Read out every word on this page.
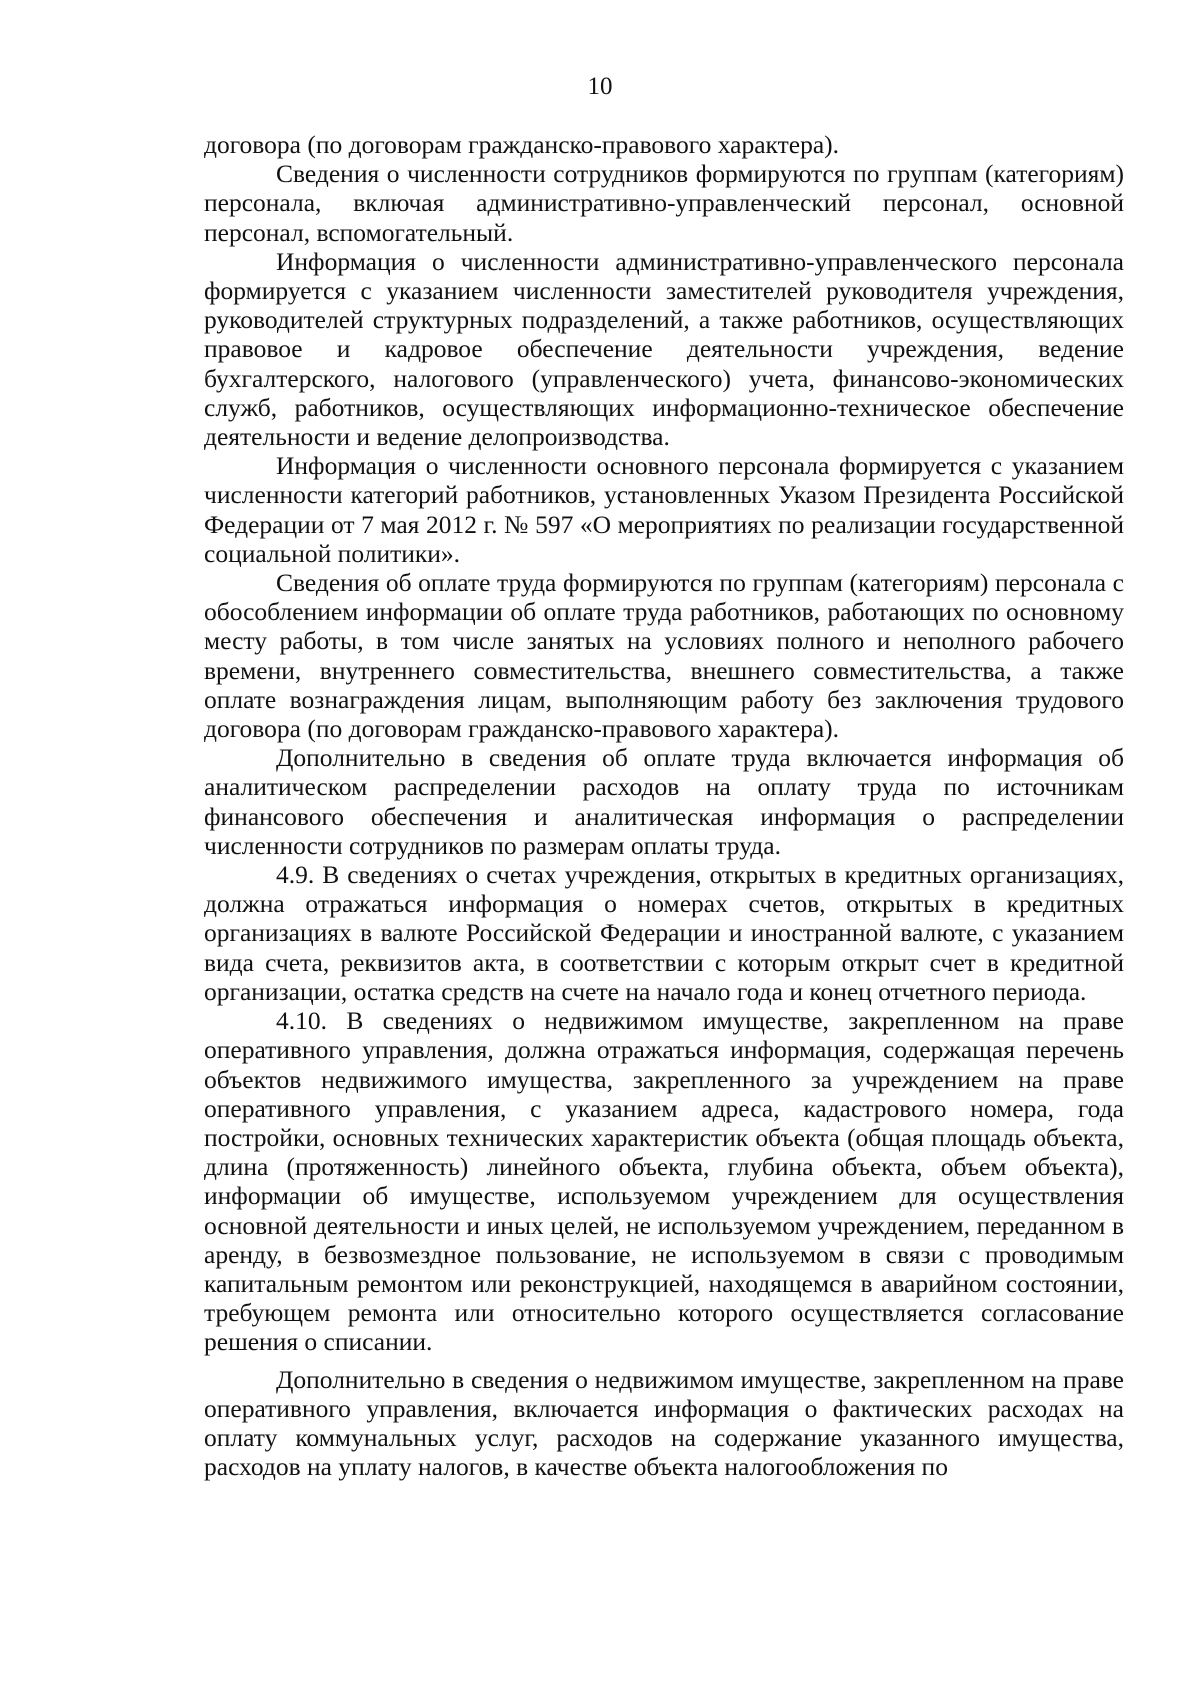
10

договора (по договорам гражданско-правового характера).

Сведения о численности сотрудников формируются по группам (категориям) персонала, включая административно-управленческий персонал, основной персонал, вспомогательный.

Информация о численности административно-управленческого персонала формируется с указанием численности заместителей руководителя учреждения, руководителей структурных подразделений, а также работников, осуществляющих правовое и кадровое обеспечение деятельности учреждения, ведение бухгалтерского, налогового (управленческого) учета, финансово-экономических служб, работников, осуществляющих информационно-техническое обеспечение деятельности и ведение делопроизводства.

Информация о численности основного персонала формируется с указанием численности категорий работников, установленных Указом Президента Российской Федерации от 7 мая 2012 г. № 597 «О мероприятиях по реализации государственной социальной политики».

Сведения об оплате труда формируются по группам (категориям) персонала с обособлением информации об оплате труда работников, работающих по основному месту работы, в том числе занятых на условиях полного и неполного рабочего времени, внутреннего совместительства, внешнего совместительства, а также оплате вознаграждения лицам, выполняющим работу без заключения трудового договора (по договорам гражданско-правового характера).

Дополнительно в сведения об оплате труда включается информация об аналитическом распределении расходов на оплату труда по источникам финансового обеспечения и аналитическая информация о распределении численности сотрудников по размерам оплаты труда.

4.9. В сведениях о счетах учреждения, открытых в кредитных организациях, должна отражаться информация о номерах счетов, открытых в кредитных организациях в валюте Российской Федерации и иностранной валюте, с указанием вида счета, реквизитов акта, в соответствии с которым открыт счет в кредитной организации, остатка средств на счете на начало года и конец отчетного периода.

4.10. В сведениях о недвижимом имуществе, закрепленном на праве оперативного управления, должна отражаться информация, содержащая перечень объектов недвижимого имущества, закрепленного за учреждением на праве оперативного управления, с указанием адреса, кадастрового номера, года постройки, основных технических характеристик объекта (общая площадь объекта, длина (протяженность) линейного объекта, глубина объекта, объем объекта), информации об имуществе, используемом учреждением для осуществления основной деятельности и иных целей, не используемом учреждением, переданном в аренду, в безвозмездное пользование, не используемом в связи с проводимым капитальным ремонтом или реконструкцией, находящемся в аварийном состоянии, требующем ремонта или относительно которого осуществляется согласование решения о списании.

Дополнительно в сведения о недвижимом имуществе, закрепленном на праве оперативного управления, включается информация о фактических расходах на оплату коммунальных услуг, расходов на содержание указанного имущества, расходов на уплату налогов, в качестве объекта налогообложения по
